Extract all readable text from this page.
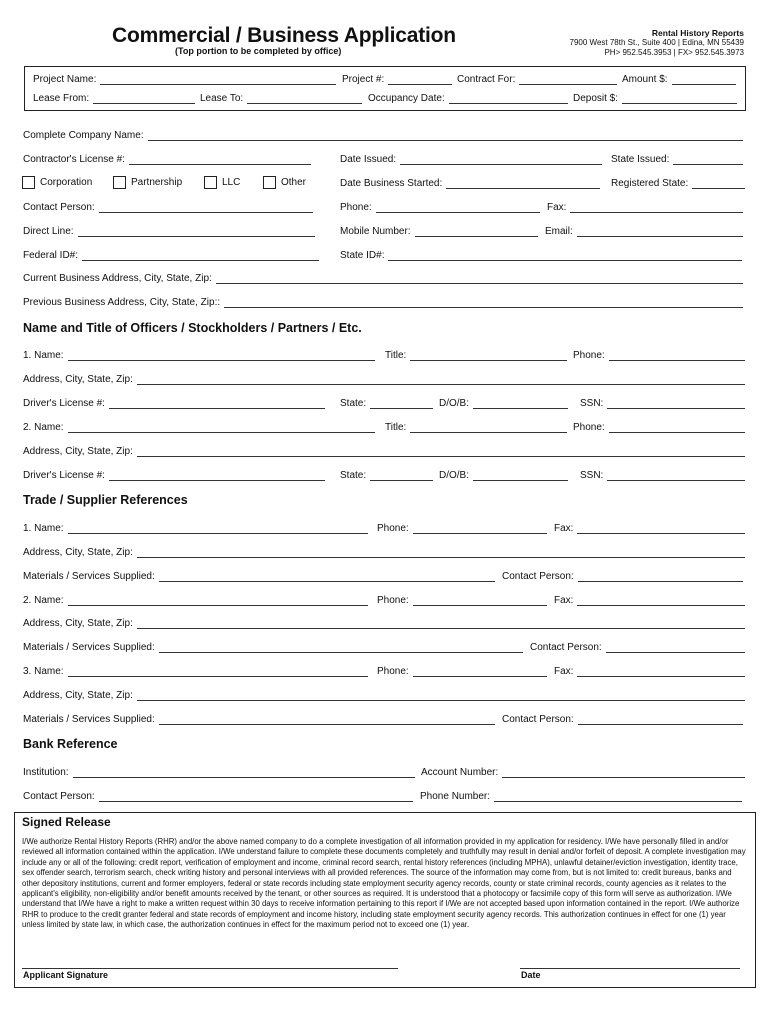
Commercial / Business Application
(Top portion to be completed by office)
Rental History Reports
7900 West 78th St., Suite 400 | Edina, MN 55439
PH> 952.545.3953 | FX> 952.545.3973
Project Name:	Project #:	Contract For:	Amount $:
Lease From:	Lease To:	Occupancy Date:	Deposit $:
Complete Company Name:
Contractor's License #:	Date Issued:	State Issued:
Corporation	Partnership	LLC	Other	Date Business Started:	Registered State:
Contact Person:	Phone:	Fax:
Direct Line:	Mobile Number:	Email:
Federal ID#:	State ID#:
Current Business Address, City, State, Zip:
Previous Business Address, City, State, Zip::
Name and Title of Officers / Stockholders / Partners / Etc.
1. Name:	Title:	Phone:
Address, City, State, Zip:
Driver's License #:	State:	D/O/B:	SSN:
2. Name:	Title:	Phone:
Address, City, State, Zip:
Driver's License #:	State:	D/O/B:	SSN:
Trade / Supplier References
1. Name:	Phone:	Fax:
Address, City, State, Zip:
Materials / Services Supplied:	Contact Person:
2. Name:	Phone:	Fax:
Address, City, State, Zip:
Materials / Services Supplied:	Contact Person:
3. Name:	Phone:	Fax:
Address, City, State, Zip:
Materials / Services Supplied:	Contact Person:
Bank Reference
Institution:	Account Number:
Contact Person:	Phone Number:
Signed Release
I/We authorize Rental History Reports (RHR) and/or the above named company to do a complete investigation of all information provided in my application for residency. I/We have personally filled in and/or reviewed all information contained within the application. I/We understand failure to complete these documents completely and truthfully may result in denial and/or forfeit of deposit. A complete investigation may include any or all of the following: credit report, verification of employment and income, criminal record search, rental history references (including MPHA), unlawful detainer/eviction investigation, identity trace, sex offender search, terrorism search, check writing history and personal interviews with all provided references. The source of the information may come from, but is not limited to: credit bureaus, banks and other depository institutions, current and former employers, federal or state records including state employment security agency records, county or state criminal records, county agencies as it relates to the applicant's eligibility, non-eligibility and/or benefit amounts received by the tenant, or other sources as required. It is understood that a photocopy or facsimile copy of this form will serve as authorization. I/We understand that I/We have a right to make a written request within 30 days to receive information pertaining to this report if I/We are not accepted based upon information contained in the report. I/We authorize RHR to produce to the credit granter federal and state records of employment and income history, including state employment security agency records. This authorization continues in effect for one (1) year unless limited by state law, in which case, the authorization continues in effect for the maximum period not to exceed one (1) year.
Applicant Signature	Date
